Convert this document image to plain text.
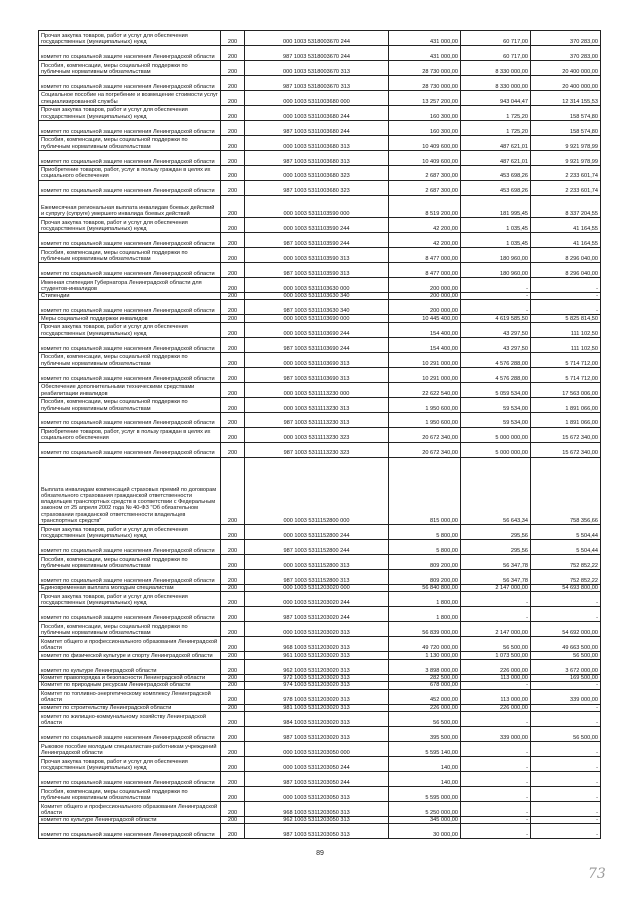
Прочая закупка товаров, работ и услуг для обеспечения государственных (муниципальных) нужд	200	000 1003 5318003670 244	431 000,00	60 717,00	370 283,00
комитет по социальной защите населения Ленинградской области	200	987 1003 5318003670 244	431 000,00	60 717,00	370 283,00
Пособия, компенсации, меры социальной поддержки по публичным нормативным обязательствам	200	000 1003 5318003670 313	28 730 000,00	8 330 000,00	20 400 000,00
комитет по социальной защите населения Ленинградской области	200	987 1003 5318003670 313	28 730 000,00	8 330 000,00	20 400 000,00
Социальное пособие на погребение и возмещение стоимости услуг специализированной службы	200	000 1003 5311003680 000	13 257 200,00	943 044,47	12 314 155,53
Прочая закупка товаров, работ и услуг для обеспечения государственных (муниципальных) нужд	200	000 1003 5311003680 244	160 300,00	1 725,20	158 574,80
комитет по социальной защите населения Ленинградской области	200	987 1003 5311003680 244	160 300,00	1 725,20	158 574,80
Пособия, компенсации, меры социальной поддержки по публичным нормативным обязательствам	200	000 1003 5311003680 313	10 409 600,00	487 621,01	9 921 978,99
комитет по социальной защите населения Ленинградской области	200	987 1003 5311003680 313	10 409 600,00	487 621,01	9 921 978,99
Приобретение товаров, работ, услуг в пользу граждан в целях их социального обеспечения	200	000 1003 5311003680 323	2 687 300,00	453 698,26	2 233 601,74
комитет по социальной защите населения Ленинградской области	200	987 1003 5311003680 323	2 687 300,00	453 698,26	2 233 601,74
Ежемесячная региональная выплата инвалидам боевых действий и супругу (супруге) умершего инвалида боевых действий	200	000 1003 5311103590 000	8 519 200,00	181 995,45	8 337 204,55
Прочая закупка товаров, работ и услуг для обеспечения государственных (муниципальных) нужд	200	000 1003 5311103590 244	42 200,00	1 035,45	41 164,55
комитет по социальной защите населения Ленинградской области	200	987 1003 5311103590 244	42 200,00	1 035,45	41 164,55
Пособия, компенсации, меры социальной поддержки по публичным нормативным обязательствам	200	000 1003 5311103590 313	8 477 000,00	180 960,00	8 296 040,00
комитет по социальной защите населения Ленинградской области	200	987 1003 5311103590 313	8 477 000,00	180 960,00	8 296 040,00
Именная стипендия Губернатора Ленинградской области для студентов-инвалидов	200	000 1003 5311103630 000	200 000,00	-	-
Стипендии	200	000 1003 5311103630 340	200 000,00	-	-
комитет по социальной защите населения Ленинградской области	200	987 1003 5311103630 340	200 000,00	-	-
Меры социальной поддержки инвалидов	200	000 1003 5311103690 000	10 445 400,00	4 619 585,50	5 825 814,50
Прочая закупка товаров, работ и услуг для обеспечения государственных (муниципальных) нужд	200	000 1003 5311103690 244	154 400,00	43 297,50	111 102,50
комитет по социальной защите населения Ленинградской области	200	987 1003 5311103690 244	154 400,00	43 297,50	111 102,50
Пособия, компенсации, меры социальной поддержки по публичным нормативным обязательствам	200	000 1003 5311103690 313	10 291 000,00	4 576 288,00	5 714 712,00
комитет по социальной защите населения Ленинградской области	200	987 1003 5311103690 313	10 291 000,00	4 576 288,00	5 714 712,00
Обеспечение дополнительными техническими средствами реабилитации инвалидов	200	000 1003 5311113230 000	22 622 540,00	5 059 534,00	17 563 006,00
Пособия, компенсации, меры социальной поддержки по публичным нормативным обязательствам	200	000 1003 5311113230 313	1 950 600,00	59 534,00	1 891 066,00
комитет по социальной защите населения Ленинградской области	200	987 1003 5311113230 313	1 950 600,00	59 534,00	1 891 066,00
Приобретение товаров, работ, услуг в пользу граждан в целях их социального обеспечения	200	000 1003 5311113230 323	20 672 340,00	5 000 000,00	15 672 340,00
комитет по социальной защите населения Ленинградской области	200	987 1003 5311113230 323	20 672 340,00	5 000 000,00	15 672 340,00
Выплата инвалидам компенсаций страховых премий по договорам обязательного страхования гражданской ответственности владельцев транспортных средств в соответствии с Федеральным законом от 25 апреля 2002 года № 40-ФЗ "Об обязательном страховании гражданской ответственности владельцев транспортных средств"	200	000 1003 5311152800 000	815 000,00	56 643,34	758 356,66
Прочая закупка товаров, работ и услуг для обеспечения государственных (муниципальных) нужд	200	000 1003 5311152800 244	5 800,00	295,56	5 504,44
комитет по социальной защите населения Ленинградской области	200	987 1003 5311152800 244	5 800,00	295,56	5 504,44
Пособия, компенсации, меры социальной поддержки по публичным нормативным обязательствам	200	000 1003 5311152800 313	809 200,00	56 347,78	752 852,22
комитет по социальной защите населения Ленинградской области	200	987 1003 5311152800 313	809 200,00	56 347,78	752 852,22
Единовременная выплата молодым специалистам	200	000 1003 5311203020 000	56 840 800,00	2 147 000,00	54 693 800,00
Прочая закупка товаров, работ и услуг для обеспечения государственных (муниципальных) нужд	200	000 1003 5311203020 244	1 800,00	-	-
комитет по социальной защите населения Ленинградской области	200	987 1003 5311203020 244	1 800,00	-	-
Пособия, компенсации, меры социальной поддержки по публичным нормативным обязательствам	200	000 1003 5311203020 313	56 839 000,00	2 147 000,00	54 692 000,00
Комитет общего и профессионального образования Ленинградской области	200	968 1003 5311203020 313	49 720 000,00	56 500,00	49 663 500,00
комитет по физической культуре и спорту Ленинградской области	200	961 1003 5311203020 313	1 130 000,00	1 073 500,00	56 500,00
комитет по культуре Ленинградской области	200	962 1003 5311203020 313	3 898 000,00	226 000,00	3 672 000,00
Комитет правопорядка и безопасности Ленинградской области	200	972 1003 5311203020 313	282 500,00	113 000,00	169 500,00
Комитет по природным ресурсам Ленинградской области	200	974 1003 5311203020 313	678 000,00	-	-
Комитет по топливно-энергетическому комплексу Ленинградской области	200	978 1003 5311203020 313	452 000,00	113 000,00	339 000,00
комитет по строительству Ленинградской области	200	981 1003 5311203020 313	226 000,00	226 000,00	-
комитет по жилищно-коммунальному хозяйству Ленинградской области	200	984 1003 5311203020 313	56 500,00	-	-
комитет по социальной защите населения Ленинградской области	200	987 1003 5311203020 313	395 500,00	339 000,00	56 500,00
Рыковое пособие молодым специалистам-работникам учреждений Ленинградской области	200	000 1003 5311203050 000	5 595 140,00	-	-
Прочая закупка товаров, работ и услуг для обеспечения государственных (муниципальных) нужд	200	000 1003 5311203050 244	140,00	-	-
комитет по социальной защите населения Ленинградской области	200	987 1003 5311203050 244	140,00	-	-
Пособия, компенсации, меры социальной поддержки по публичным нормативным обязательствам	200	000 1003 5311203050 313	5 595 000,00	-	-
Комитет общего и профессионального образования Ленинградской области	200	968 1003 5311203050 313	5 250 000,00	-	-
комитет по культуре Ленинградской области	200	962 1003 5311203050 313	345 000,00	-	-
комитет по социальной защите населения Ленинградской области	200	987 1003 5311203050 313	30 000,00	-	-
89
73
